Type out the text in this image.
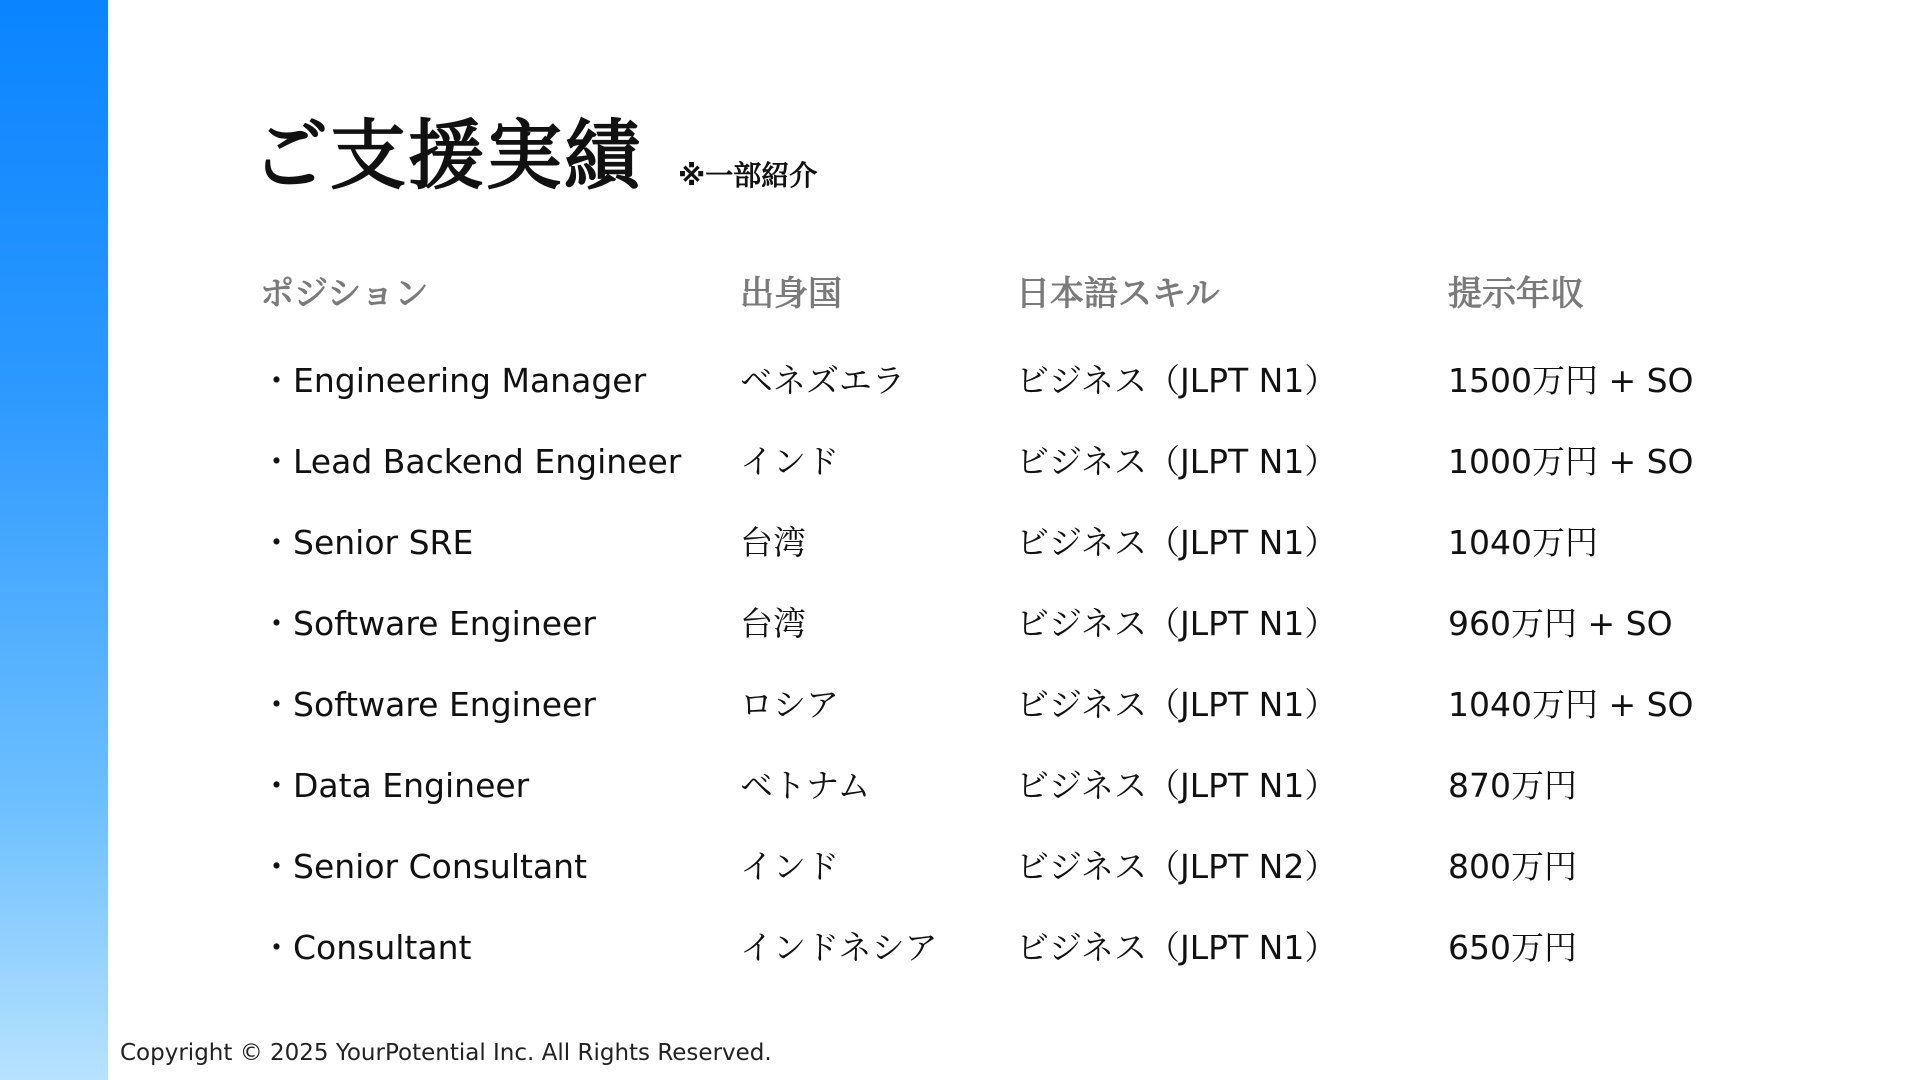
ご支援実績 ※一部紹介
ポジション	出身国	日本語スキル	提示年収
・Engineering Manager	ベネズエラ	ビジネス（JLPT N1）	1500万円 + SO
・Lead Backend Engineer	インド	ビジネス（JLPT N1）	1000万円 + SO
・Senior SRE	台湾	ビジネス（JLPT N1）	1040万円
・Software Engineer	台湾	ビジネス（JLPT N1）	960万円 + SO
・Software Engineer	ロシア	ビジネス（JLPT N1）	1040万円 + SO
・Data Engineer	ベトナム	ビジネス（JLPT N1）	870万円
・Senior Consultant	インド	ビジネス（JLPT N2）	800万円
・Consultant	インドネシア	ビジネス（JLPT N1）	650万円
Copyright © 2025 YourPotential Inc. All Rights Reserved.
